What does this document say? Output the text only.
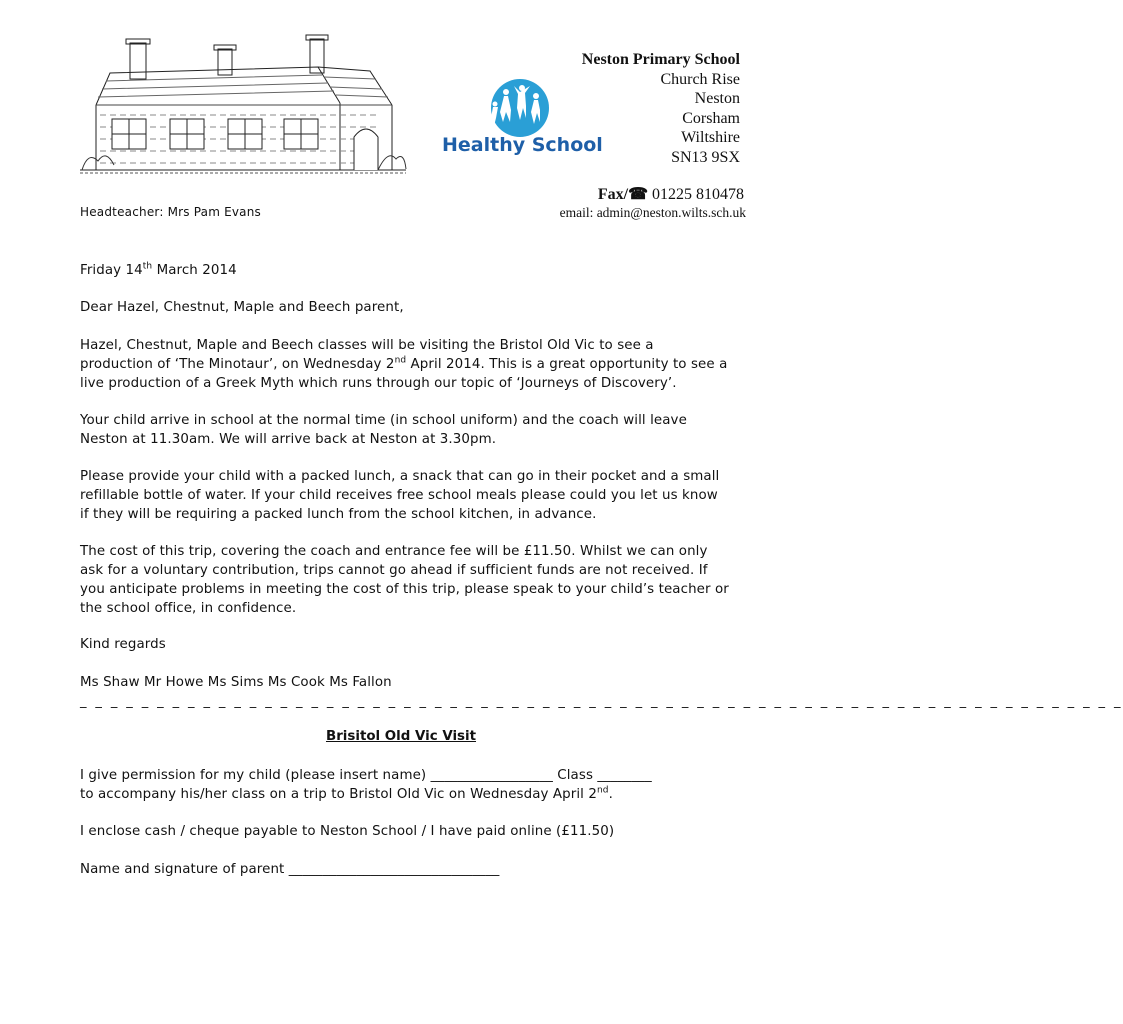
Healthy School
Neston Primary School
Church Rise
Neston
Corsham
Wiltshire
SN13 9SX
Fax/☎ 01225 810478
email: admin@neston.wilts.sch.uk
Headteacher: Mrs Pam Evans
Friday 14th March 2014
Dear Hazel, Chestnut, Maple and Beech parent,
Hazel, Chestnut, Maple and Beech classes will be visiting the Bristol Old Vic to see a production of ‘The Minotaur’, on Wednesday 2nd April 2014. This is a great opportunity to see a live production of a Greek Myth which runs through our topic of ‘Journeys of Discovery’.
Your child arrive in school at the normal time (in school uniform) and the coach will leave Neston at 11.30am. We will arrive back at Neston at 3.30pm.
Please provide your child with a packed lunch, a snack that can go in their pocket and a small refillable bottle of water. If your child receives free school meals please could you let us know if they will be requiring a packed lunch from the school kitchen, in advance.
The cost of this trip, covering the coach and entrance fee will be £11.50. Whilst we can only ask for a voluntary contribution, trips cannot go ahead if sufficient funds are not received. If you anticipate problems in meeting the cost of this trip, please speak to your child’s teacher or the school office, in confidence.
Kind regards
Ms Shaw Mr Howe Ms Sims Ms Cook Ms Fallon
_ _ _ _ _ _ _ _ _ _ _ _ _ _ _ _ _ _ _ _ _ _ _ _ _ _ _ _ _ _ _ _ _ _ _ _ _ _ _ _ _ _ _ _ _ _ _ _ _ _ _ _ _ _ _ _ _ _ _ _ _ _ _ _ _ _ _ _
Brisitol Old Vic Visit
I give permission for my child (please insert name) __________________ Class ________
to accompany his/her class on a trip to Bristol Old Vic on Wednesday April 2nd.
I enclose cash / cheque payable to Neston School / I have paid online (£11.50)
Name and signature of parent _______________________________
